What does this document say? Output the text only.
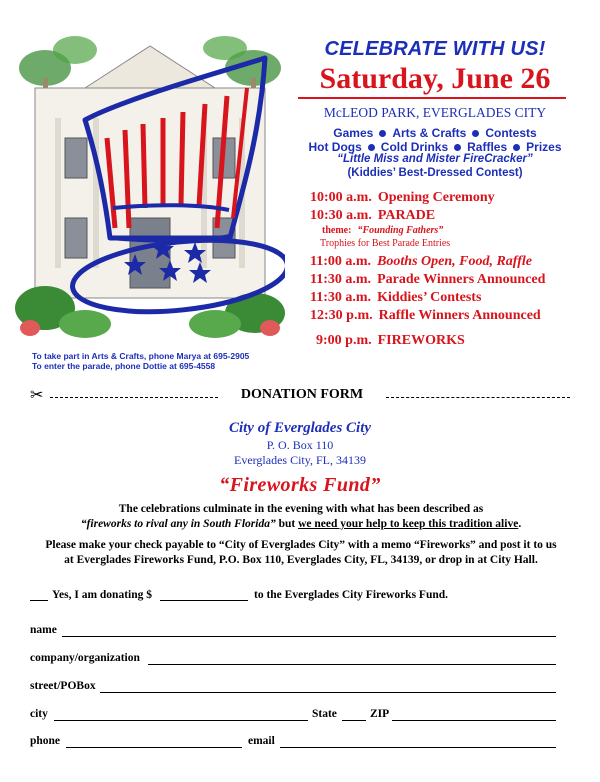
CELEBRATE WITH US!
Saturday, June 26
McLEOD PARK, EVERGLADES CITY
Games Arts & Crafts Contests
Hot Dogs Cold Drinks Raffles Prizes
“Little Miss and Mister FireCracker”
(Kiddies’ Best-Dressed Contest)
10:00 a.m. Opening Ceremony
10:30 a.m. PARADE
theme: “Founding Fathers”
Trophies for Best Parade Entries
11:00 a.m. Booths Open, Food, Raffle
11:30 a.m. Parade Winners Announced
11:30 a.m. Kiddies’ Contests
12:30 p.m. Raffle Winners Announced
9:00 p.m. FIREWORKS
To take part in Arts & Crafts, phone Marya at 695-2905
To enter the parade, phone Dottie at 695-4558
✂	DONATION FORM
City of Everglades City
P. O. Box 110
Everglades City, FL, 34139
“Fireworks Fund”
The celebrations culminate in the evening with what has been described as
“fireworks to rival any in South Florida” but we need your help to keep this tradition alive.
Please make your check payable to “City of Everglades City” with a memo “Fireworks” and post it to us
at Everglades Fireworks Fund, P.O. Box 110, Everglades City, FL, 34139, or drop in at City Hall.
Yes, I am donating $	to the Everglades City Fireworks Fund.
name
company/organization
street/POBox
city	State	ZIP
phone	email
